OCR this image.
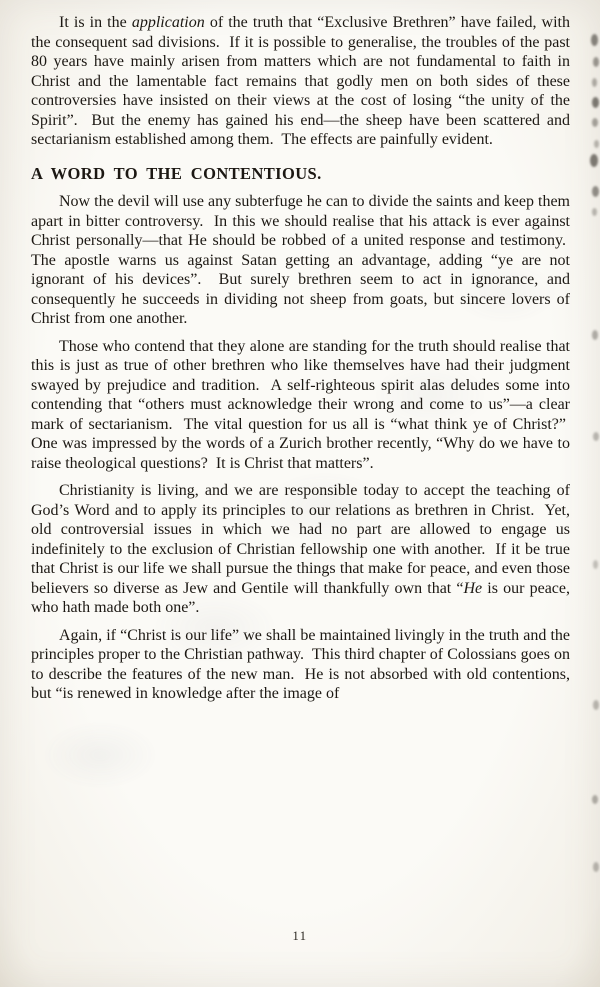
It is in the application of the truth that “Exclusive Brethren” have failed, with the consequent sad divisions.  If it is possible to generalise, the troubles of the past 80 years have mainly arisen from matters which are not fundamental to faith in Christ and the lamentable fact remains that godly men on both sides of these controversies have insisted on their views at the cost of losing “the unity of the Spirit”.  But the enemy has gained his end—the sheep have been scattered and sectarianism established among them.  The effects are painfully evident.

A WORD TO THE CONTENTIOUS.

Now the devil will use any subterfuge he can to divide the saints and keep them apart in bitter controversy.  In this we should realise that his attack is ever against Christ personally—that He should be robbed of a united response and testimony.  The apostle warns us against Satan getting an advantage, adding “ye are not ignorant of his devices”.  But surely brethren seem to act in ignorance, and consequently he succeeds in dividing not sheep from goats, but sincere lovers of Christ from one another.

Those who contend that they alone are standing for the truth should realise that this is just as true of other brethren who like themselves have had their judgment swayed by prejudice and tradition.  A self-righteous spirit alas deludes some into contending that “others must acknowledge their wrong and come to us”—a clear mark of sectarianism.  The vital question for us all is “what think ye of Christ?”  One was impressed by the words of a Zurich brother recently, “Why do we have to raise theological questions?  It is Christ that matters”.

Christianity is living, and we are responsible today to accept the teaching of God’s Word and to apply its principles to our relations as brethren in Christ.  Yet, old controversial issues in which we had no part are allowed to engage us indefinitely to the exclusion of Christian fellowship one with another.  If it be true that Christ is our life we shall pursue the things that make for peace, and even those believers so diverse as Jew and Gentile will thankfully own that “He is our peace, who hath made both one”.

Again, if “Christ is our life” we shall be maintained livingly in the truth and the principles proper to the Christian pathway.  This third chapter of Colossians goes on to describe the features of the new man.  He is not absorbed with old contentions, but “is renewed in knowledge after the image of

11
